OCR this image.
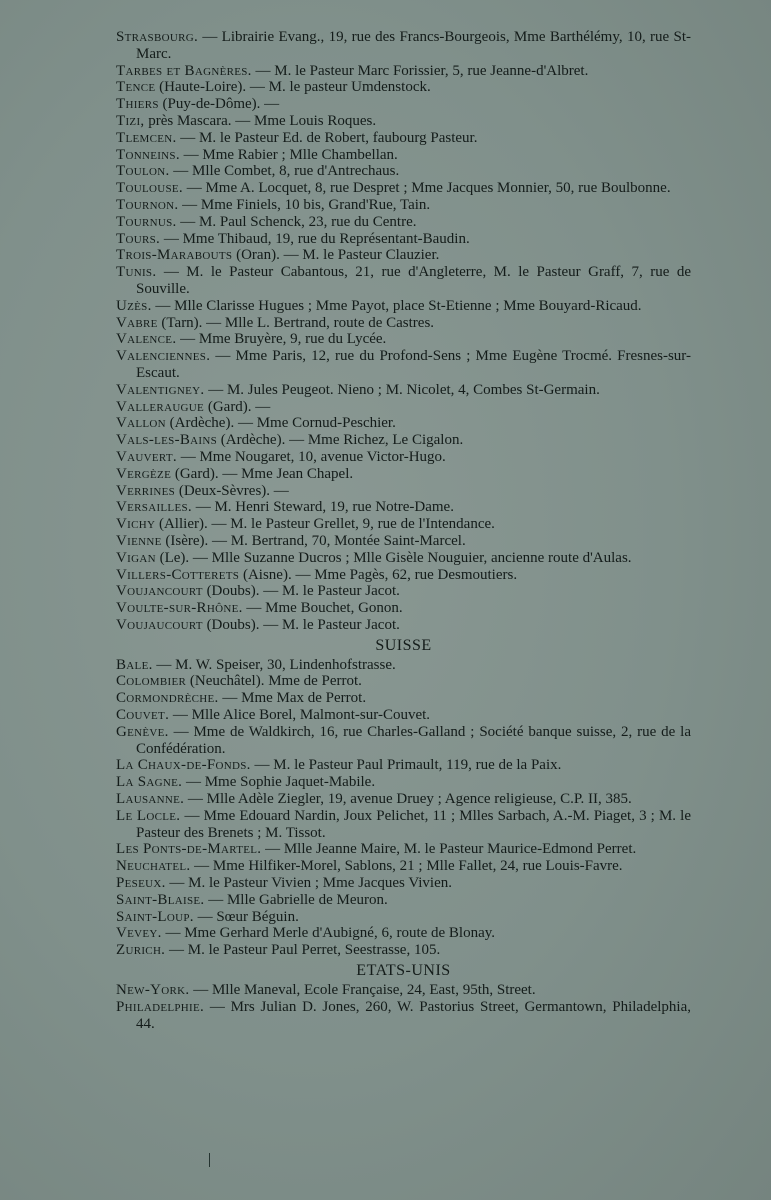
Strasbourg. — Librairie Evang., 19, rue des Francs-Bourgeois, Mme Barthélémy, 10, rue St-Marc.
Tarbes et Bagnères. — M. le Pasteur Marc Forissier, 5, rue Jeanne-d'Albret.
Tence (Haute-Loire). — M. le pasteur Umdenstock.
Thiers (Puy-de-Dôme). —
Tizi, près Mascara. — Mme Louis Roques.
Tlemcen. — M. le Pasteur Ed. de Robert, faubourg Pasteur.
Tonneins. — Mme Rabier ; Mlle Chambellan.
Toulon. — Mlle Combet, 8, rue d'Antrechaus.
Toulouse. — Mme A. Locquet, 8, rue Despret ; Mme Jacques Monnier, 50, rue Boulbonne.
Tournon. — Mme Finiels, 10 bis, Grand'Rue, Tain.
Tournus. — M. Paul Schenck, 23, rue du Centre.
Tours. — Mme Thibaud, 19, rue du Représentant-Baudin.
Trois-Marabouts (Oran). — M. le Pasteur Clauzier.
Tunis. — M. le Pasteur Cabantous, 21, rue d'Angleterre, M. le Pasteur Graff, 7, rue de Souville.
Uzès. — Mlle Clarisse Hugues ; Mme Payot, place St-Etienne ; Mme Bouyard-Ricaud.
Vabre (Tarn). — Mlle L. Bertrand, route de Castres.
Valence. — Mme Bruyère, 9, rue du Lycée.
Valenciennes. — Mme Paris, 12, rue du Profond-Sens ; Mme Eugène Trocmé. Fresnes-sur-Escaut.
Valentigney. — M. Jules Peugeot. Nieno ; M. Nicolet, 4, Combes St-Germain.
Valleraugue (Gard). —
Vallon (Ardèche). — Mme Cornud-Peschier.
Vals-les-Bains (Ardèche). — Mme Richez, Le Cigalon.
Vauvert. — Mme Nougaret, 10, avenue Victor-Hugo.
Vergèze (Gard). — Mme Jean Chapel.
Verrines (Deux-Sèvres). —
Versailles. — M. Henri Steward, 19, rue Notre-Dame.
Vichy (Allier). — M. le Pasteur Grellet, 9, rue de l'Intendance.
Vienne (Isère). — M. Bertrand, 70, Montée Saint-Marcel.
Vigan (Le). — Mlle Suzanne Ducros ; Mlle Gisèle Nouguier, ancienne route d'Aulas.
Villers-Cotterets (Aisne). — Mme Pagès, 62, rue Desmoutiers.
Voujancourt (Doubs). — M. le Pasteur Jacot.
Voulte-sur-Rhône. — Mme Bouchet, Gonon.
Voujaucourt (Doubs). — M. le Pasteur Jacot.
SUISSE
Bale. — M. W. Speiser, 30, Lindenhofstrasse.
Colombier (Neuchâtel). Mme de Perrot.
Cormondrèche. — Mme Max de Perrot.
Couvet. — Mlle Alice Borel, Malmont-sur-Couvet.
Genève. — Mme de Waldkirch, 16, rue Charles-Galland ; Société banque suisse, 2, rue de la Confédération.
La Chaux-de-Fonds. — M. le Pasteur Paul Primault, 119, rue de la Paix.
La Sagne. — Mme Sophie Jaquet-Mabile.
Lausanne. — Mlle Adèle Ziegler, 19, avenue Druey ; Agence religieuse, C.P. II, 385.
Le Locle. — Mme Edouard Nardin, Joux Pelichet, 11 ; Mlles Sarbach, A.-M. Piaget, 3 ; M. le Pasteur des Brenets ; M. Tissot.
Les Ponts-de-Martel. — Mlle Jeanne Maire, M. le Pasteur Maurice-Edmond Perret.
Neuchatel. — Mme Hilfiker-Morel, Sablons, 21 ; Mlle Fallet, 24, rue Louis-Favre.
Peseux. — M. le Pasteur Vivien ; Mme Jacques Vivien.
Saint-Blaise. — Mlle Gabrielle de Meuron.
Saint-Loup. — Sœur Béguin.
Vevey. — Mme Gerhard Merle d'Aubigné, 6, route de Blonay.
Zurich. — M. le Pasteur Paul Perret, Seestrasse, 105.
ETATS-UNIS
New-York. — Mlle Maneval, Ecole Française, 24, East, 95th, Street.
Philadelphie. — Mrs Julian D. Jones, 260, W. Pastorius Street, Germantown, Philadelphia, 44.
